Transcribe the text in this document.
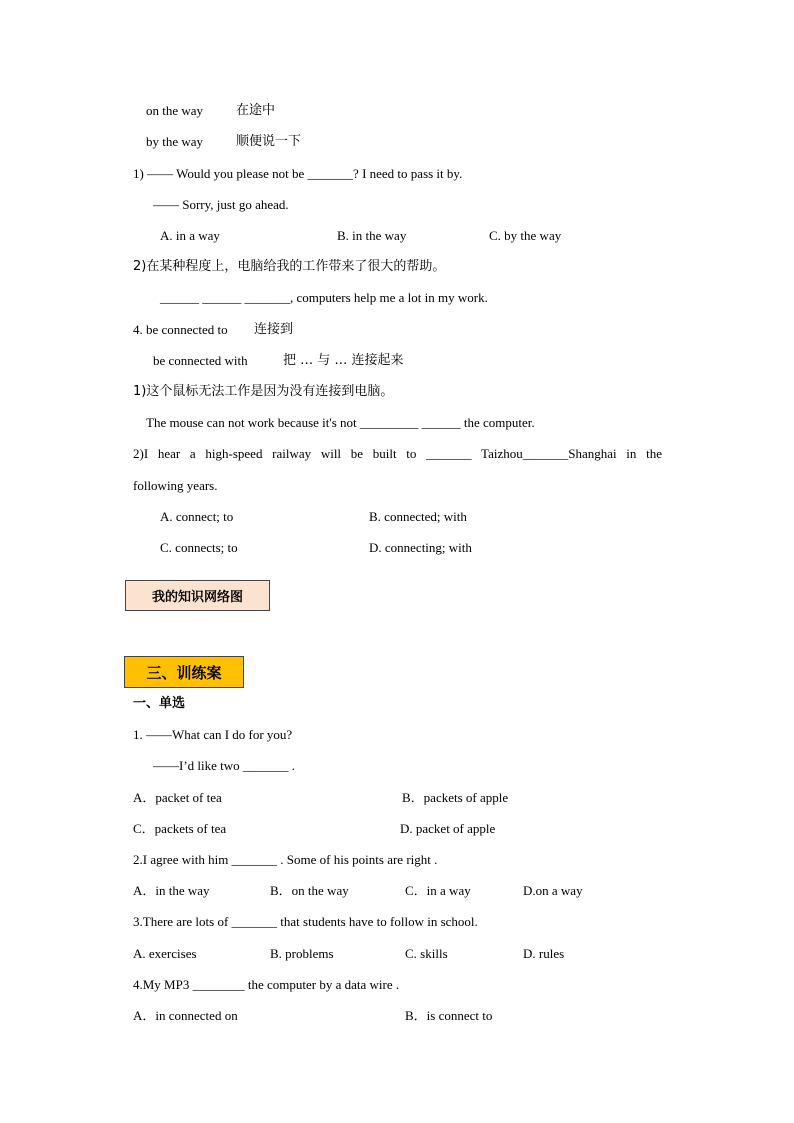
on the way	在途中
by the way	顺便说一下
1) —— Would you please not be _______? I need to pass it by.
—— Sorry, just go ahead.
A. in a way	B. in the way	C. by the way
2)在某种程度上，电脑给我的工作带来了很大的帮助。
______ ______ _______, computers help me a lot in my work.
4. be connected to 连接到
be connected with	把 … 与 … 连接起来
1)这个鼠标无法工作是因为没有连接到电脑。
The mouse can not work because it's not _________ ______ the computer.
2)I hear a high-speed railway will be built to _______ Taizhou_______Shanghai in the
following years.
A. connect; to	B. connected; with
C. connects; to	D. connecting; with
我的知识网络图
三、训练案
一、单选
1. ——What can I do for you?
——I’d like two _______ .
A．packet of tea	B．packets of apple
C．packets of tea	D. packet of apple
2.I agree with him _______ . Some of his points are right .
A．in the way	B．on the way	C．in a way	D.on a way
3.There are lots of _______ that students have to follow in school.
A. exercises	B. problems	C. skills	D. rules
4.My MP3 ________ the computer by a data wire .
A．in connected on	B．is connect to
